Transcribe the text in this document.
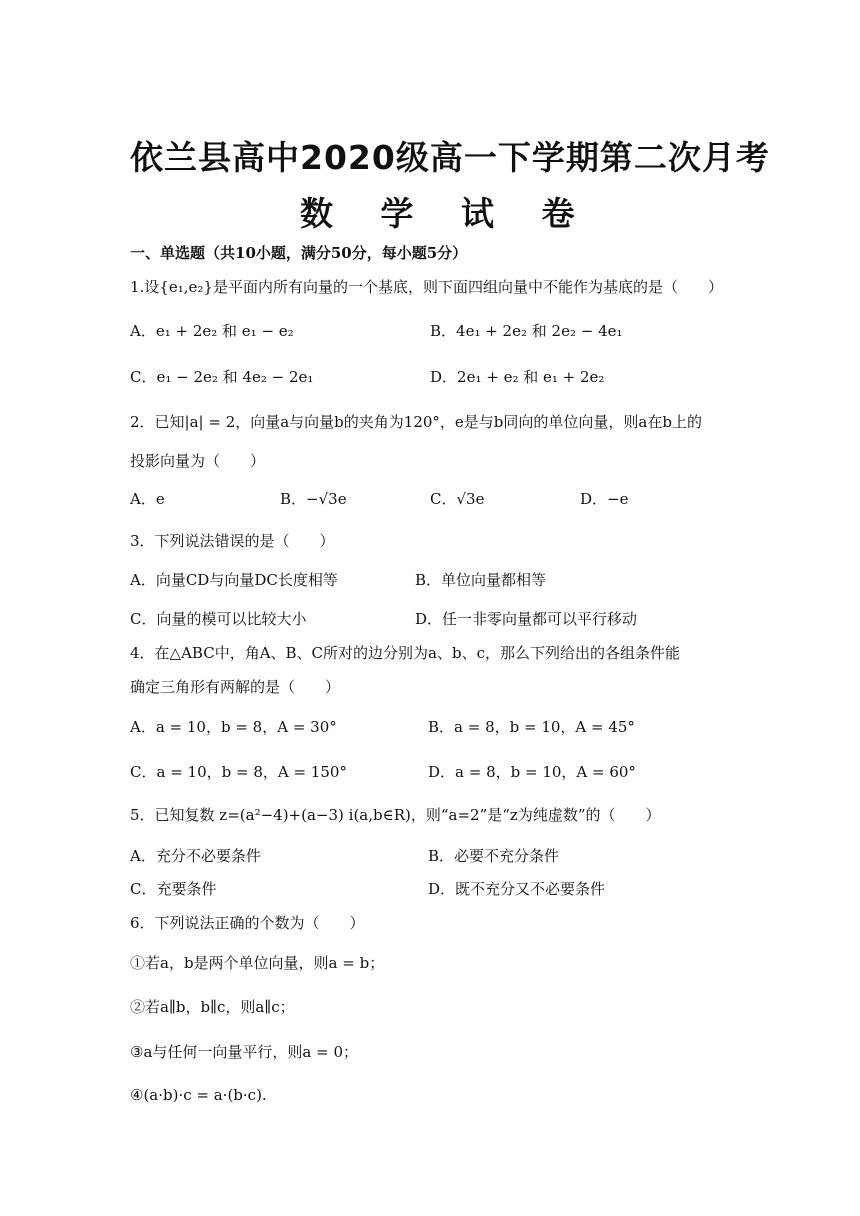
依兰县高中2020级高一下学期第二次月考
数 学 试 卷
一、单选题（共10小题，满分50分，每小题5分）
1.设{e₁,e₂}是平面内所有向量的一个基底，则下面四组向量中不能作为基底的是（　　）
A．e₁ + 2e₂ 和 e₁ − e₂	B．4e₁ + 2e₂ 和 2e₂ − 4e₁
C．e₁ − 2e₂ 和 4e₂ − 2e₁	D．2e₁ + e₂ 和 e₁ + 2e₂
2．已知|a| = 2，向量a与向量b的夹角为120°，e是与b同向的单位向量，则a在b上的
投影向量为（　　）
A．e	B．−√3e	C．√3e	D．−e
3．下列说法错误的是（　　）
A．向量CD与向量DC长度相等	B．单位向量都相等
C．向量的模可以比较大小	D．任一非零向量都可以平行移动
4．在△ABC中，角A、B、C所对的边分别为a、b、c，那么下列给出的各组条件能
确定三角形有两解的是（　　）
A．a = 10，b = 8，A = 30°	B．a = 8，b = 10，A = 45°
C．a = 10，b = 8，A = 150°	D．a = 8，b = 10，A = 60°
5．已知复数 z=(a²−4)+(a−3) i(a,b∈R)，则“a=2”是“z为纯虚数”的（　　）
A．充分不必要条件	B．必要不充分条件
C．充要条件	D．既不充分又不必要条件
6．下列说法正确的个数为（　　）
①若a，b是两个单位向量，则a = b；
②若a∥b，b∥c，则a∥c；
③a与任何一向量平行，则a = 0；
④(a·b)·c = a·(b·c).
